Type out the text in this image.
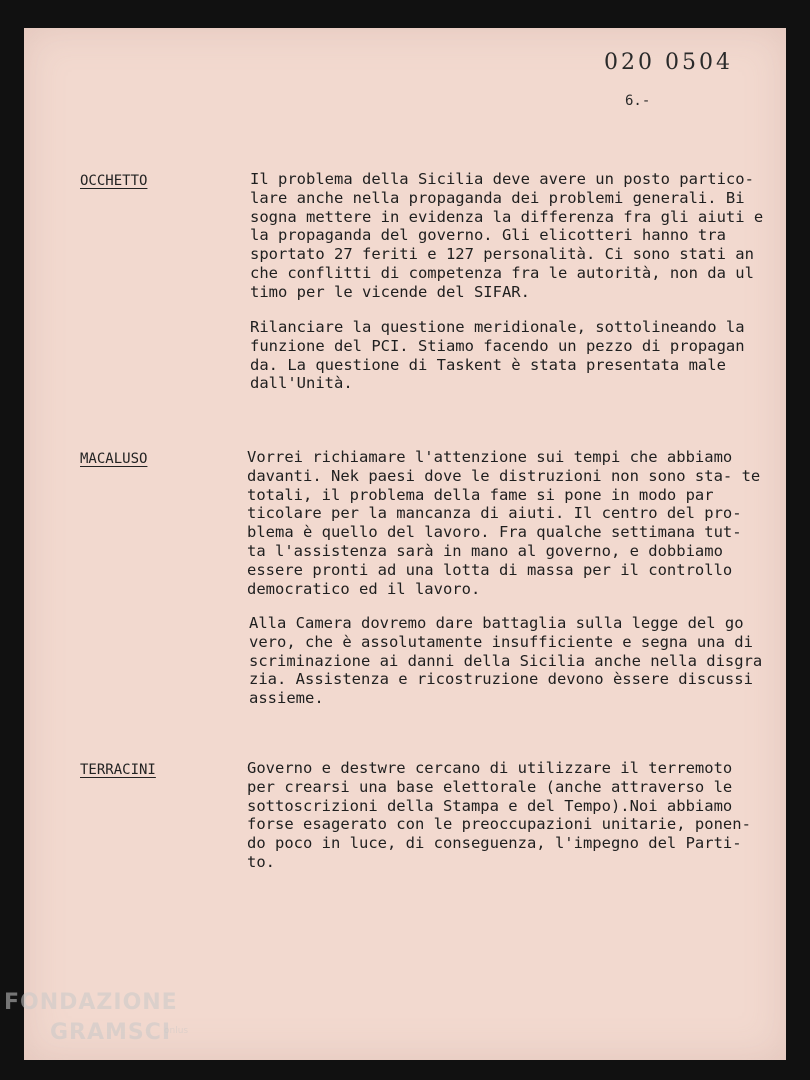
020 0504
6.-
OCCHETTO	Il problema della Sicilia deve avere un posto partico- lare anche nella propaganda dei problemi generali. Bi sogna mettere in evidenza la differenza fra gli aiuti e la propaganda del governo. Gli elicotteri hanno tra sportato 27 feriti e 127 personalità. Ci sono stati an che conflitti di competenza fra le autorità, non da ul timo per le vicende del SIFAR.

Rilanciare la questione meridionale, sottolineando la funzione del PCI. Stiamo facendo un pezzo di propagan da. La questione di Taskent è stata presentata male dall'Unità.

MACALUSO	Vorrei richiamare l'attenzione sui tempi che abbiamo davanti. Nek paesi dove le distruzioni non sono sta- te totali, il problema della fame si pone in modo par ticolare per la mancanza di aiuti. Il centro del pro- blema è quello del lavoro. Fra qualche settimana tut- ta l'assistenza sarà in mano al governo, e dobbiamo essere pronti ad una lotta di massa per il controllo democratico ed il lavoro.

Alla Camera dovremo dare battaglia sulla legge del go vero, che è assolutamente insufficiente e segna una di scriminazione ai danni della Sicilia anche nella disgra zia. Assistenza e ricostruzione devono èssere discussi assieme.

TERRACINI	Governo e destwre cercano di utilizzare il terremoto per crearsi una base elettorale (anche attraverso le sottoscrizioni della Stampa e del Tempo).Noi abbiamo forse esagerato con le preoccupazioni unitarie, ponen- do poco in luce, di conseguenza, l'impegno del Parti- to.

FONDAZIONE
GRAMSCI
onlus
